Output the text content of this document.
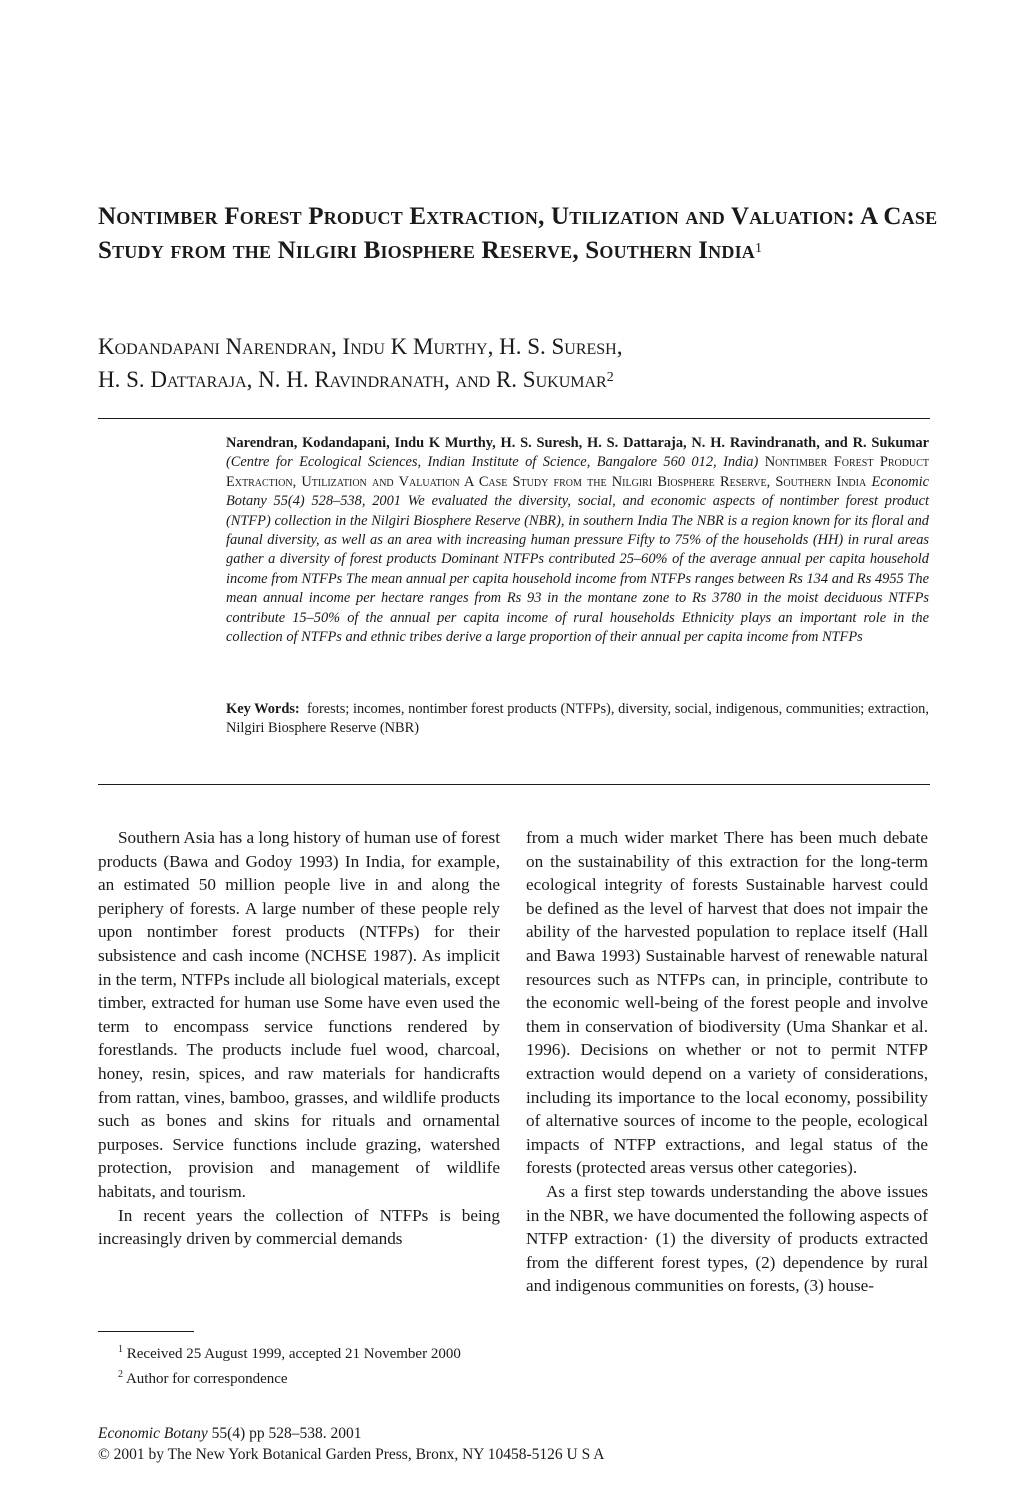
Nontimber Forest Product Extraction, Utilization and Valuation: A Case Study from the Nilgiri Biosphere Reserve, Southern India$^1$
Kodandapani Narendran, Indu K Murthy, H. S. Suresh,
H. S. Dattaraja, N. H. Ravindranath, and R. Sukumar$^2$

Narendran, Kodandapani, Indu K Murthy, H. S. Suresh, H. S. Dattaraja, N. H. Ravindranath, and R. Sukumar (Centre for Ecological Sciences, Indian Institute of Science, Bangalore 560 012, India) Nontimber Forest Product Extraction, Utilization and Valuation A Case Study from the Nilgiri Biosphere Reserve, Southern India Economic Botany 55(4) 528–538, 2001 We evaluated the diversity, social, and economic aspects of nontimber forest product (NTFP) collection in the Nilgiri Biosphere Reserve (NBR), in southern India The NBR is a region known for its floral and faunal diversity, as well as an area with increasing human pressure Fifty to 75% of the households (HH) in rural areas gather a diversity of forest products Dominant NTFPs contributed 25–60% of the average annual per capita household income from NTFPs The mean annual per capita household income from NTFPs ranges between Rs 134 and Rs 4955 The mean annual income per hectare ranges from Rs 93 in the montane zone to Rs 3780 in the moist deciduous NTFPs contribute 15–50% of the annual per capita income of rural households Ethnicity plays an important role in the collection of NTFPs and ethnic tribes derive a large proportion of their annual per capita income from NTFPs

Key Words: forests; incomes, nontimber forest products (NTFPs), diversity, social, indigenous, communities; extraction, Nilgiri Biosphere Reserve (NBR)

Southern Asia has a long history of human use of forest products (Bawa and Godoy 1993) In India, for example, an estimated 50 million people live in and along the periphery of forests. A large number of these people rely upon nontimber forest products (NTFPs) for their subsistence and cash income (NCHSE 1987). As implicit in the term, NTFPs include all biological materials, except timber, extracted for human use Some have even used the term to encompass service functions rendered by forestlands. The products include fuel wood, charcoal, honey, resin, spices, and raw materials for handicrafts from rattan, vines, bamboo, grasses, and wildlife products such as bones and skins for rituals and ornamental purposes. Service functions include grazing, watershed protection, provision and management of wildlife habitats, and tourism.

In recent years the collection of NTFPs is being increasingly driven by commercial demands

from a much wider market There has been much debate on the sustainability of this extraction for the long-term ecological integrity of forests Sustainable harvest could be defined as the level of harvest that does not impair the ability of the harvested population to replace itself (Hall and Bawa 1993) Sustainable harvest of renewable natural resources such as NTFPs can, in principle, contribute to the economic well-being of the forest people and involve them in conservation of biodiversity (Uma Shankar et al. 1996). Decisions on whether or not to permit NTFP extraction would depend on a variety of considerations, including its importance to the local economy, possibility of alternative sources of income to the people, ecological impacts of NTFP extractions, and legal status of the forests (protected areas versus other categories).

As a first step towards understanding the above issues in the NBR, we have documented the following aspects of NTFP extraction· (1) the diversity of products extracted from the different forest types, (2) dependence by rural and indigenous communities on forests, (3) house-

$^1$ Received 25 August 1999, accepted 21 November 2000

$^2$ Author for correspondence

Economic Botany 55(4) pp 528–538. 2001
© 2001 by The New York Botanical Garden Press, Bronx, NY 10458-5126 U S A
